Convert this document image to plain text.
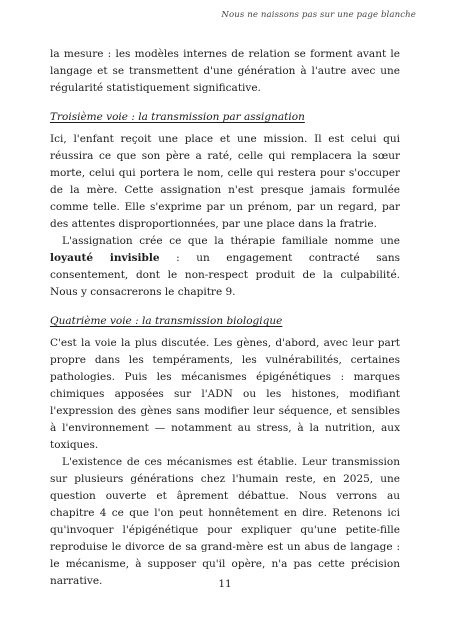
Nous ne naissons pas sur une page blanche

la mesure : les modèles internes de relation se forment avant le langage et se transmettent d'une génération à l'autre avec une régularité statistiquement significative.

Troisième voie : la transmission par assignation

Ici, l'enfant reçoit une place et une mission. Il est celui qui réussira ce que son père a raté, celle qui remplacera la sœur morte, celui qui portera le nom, celle qui restera pour s'occuper de la mère. Cette assignation n'est presque jamais formulée comme telle. Elle s'exprime par un prénom, par un regard, par des attentes disproportionnées, par une place dans la fratrie.

L'assignation crée ce que la thérapie familiale nomme une loyauté invisible : un engagement contracté sans consentement, dont le non-respect produit de la culpabilité. Nous y consacrerons le chapitre 9.

Quatrième voie : la transmission biologique

C'est la voie la plus discutée. Les gènes, d'abord, avec leur part propre dans les tempéraments, les vulnérabilités, certaines pathologies. Puis les mécanismes épigénétiques : marques chimiques apposées sur l'ADN ou les histones, modifiant l'expression des gènes sans modifier leur séquence, et sensibles à l'environnement — notamment au stress, à la nutrition, aux toxiques.

L'existence de ces mécanismes est établie. Leur transmission sur plusieurs générations chez l'humain reste, en 2025, une question ouverte et âprement débattue. Nous verrons au chapitre 4 ce que l'on peut honnêtement en dire. Retenons ici qu'invoquer l'épigénétique pour expliquer qu'une petite-fille reproduise le divorce de sa grand-mère est un abus de langage : le mécanisme, à supposer qu'il opère, n'a pas cette précision narrative.	11
